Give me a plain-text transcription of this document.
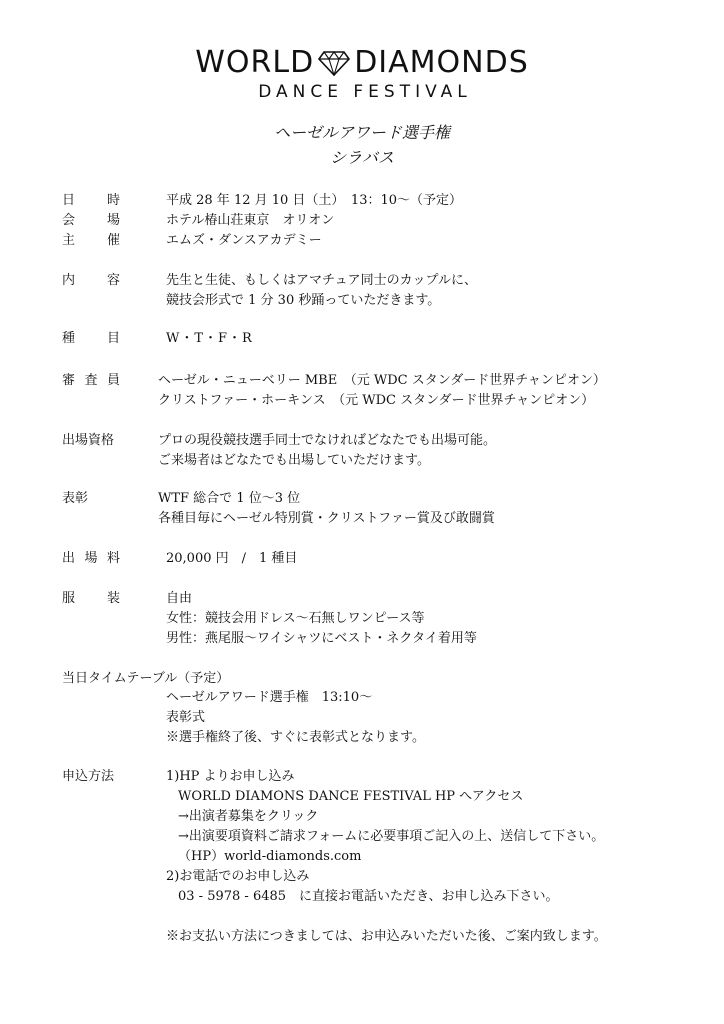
WORLD DIAMONDS
DANCE FESTIVAL
ヘーゼルアワード選手権
シラバス
日 時	平成 28 年 12 月 10 日（土）　13：10～（予定）
会 場	ホテル椿山荘東京　オリオン
主 催	エムズ・ダンスアカデミー
内 容	先生と生徒、もしくはアマチュア同士のカップルに、
競技会形式で 1 分 30 秒踊っていただきます。
種 目	W・T・F・R
審 査 員	ヘーゼル・ニューベリー MBE　（元 WDC スタンダード世界チャンピオン）
クリストファー・ホーキンス　（元 WDC スタンダード世界チャンピオン）
出場資格	プロの現役競技選手同士でなければどなたでも出場可能。
ご来場者はどなたでも出場していただけます。
表彰	WTF 総合で 1 位～3 位
各種目毎にヘーゼル特別賞・クリストファー賞及び敢闘賞
出 場 料	20,000 円　/　1 種目
服 装	自由
女性：競技会用ドレス～石無しワンピース等
男性：燕尾服～ワイシャツにベスト・ネクタイ着用等
当日タイムテーブル（予定）
ヘーゼルアワード選手権　13:10～
表彰式
※選手権終了後、すぐに表彰式となります。
申込方法	1)HP よりお申し込み
WORLD DIAMONS DANCE FESTIVAL HP へアクセス
→出演者募集をクリック
→出演要項資料ご請求フォームに必要事項ご記入の上、送信して下さい。
（HP）world-diamonds.com
2)お電話でのお申し込み
03 - 5978 - 6485　に直接お電話いただき、お申し込み下さい。
※お支払い方法につきましては、お申込みいただいた後、ご案内致します。
